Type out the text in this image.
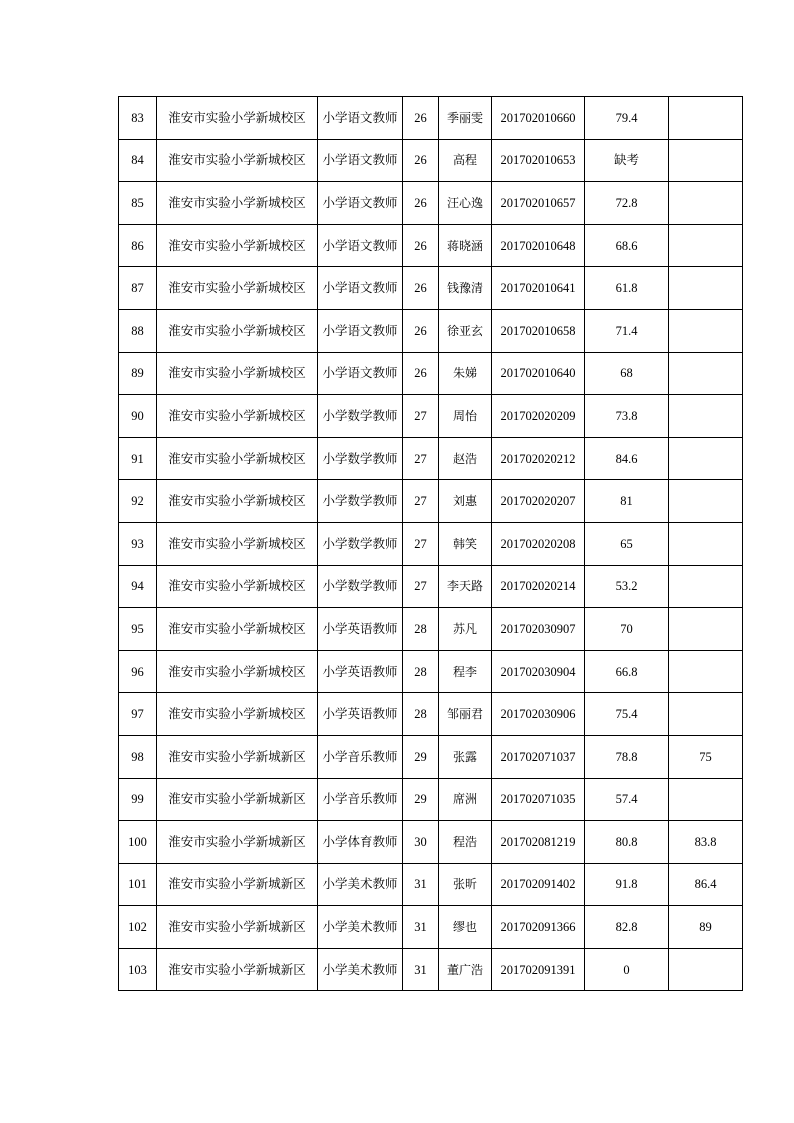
83	淮安市实验小学新城校区	小学语文教师	26	季丽雯	201702010660	79.4	
84	淮安市实验小学新城校区	小学语文教师	26	高程	201702010653	缺考	
85	淮安市实验小学新城校区	小学语文教师	26	汪心逸	201702010657	72.8	
86	淮安市实验小学新城校区	小学语文教师	26	蒋晓涵	201702010648	68.6	
87	淮安市实验小学新城校区	小学语文教师	26	钱豫清	201702010641	61.8	
88	淮安市实验小学新城校区	小学语文教师	26	徐亚玄	201702010658	71.4	
89	淮安市实验小学新城校区	小学语文教师	26	朱娣	201702010640	68	
90	淮安市实验小学新城校区	小学数学教师	27	周怡	201702020209	73.8	
91	淮安市实验小学新城校区	小学数学教师	27	赵浩	201702020212	84.6	
92	淮安市实验小学新城校区	小学数学教师	27	刘惠	201702020207	81	
93	淮安市实验小学新城校区	小学数学教师	27	韩笑	201702020208	65	
94	淮安市实验小学新城校区	小学数学教师	27	李天路	201702020214	53.2	
95	淮安市实验小学新城校区	小学英语教师	28	苏凡	201702030907	70	
96	淮安市实验小学新城校区	小学英语教师	28	程李	201702030904	66.8	
97	淮安市实验小学新城校区	小学英语教师	28	邹丽君	201702030906	75.4	
98	淮安市实验小学新城新区	小学音乐教师	29	张露	201702071037	78.8	75
99	淮安市实验小学新城新区	小学音乐教师	29	席洲	201702071035	57.4	
100	淮安市实验小学新城新区	小学体育教师	30	程浩	201702081219	80.8	83.8
101	淮安市实验小学新城新区	小学美术教师	31	张昕	201702091402	91.8	86.4
102	淮安市实验小学新城新区	小学美术教师	31	缪也	201702091366	82.8	89
103	淮安市实验小学新城新区	小学美术教师	31	董广浩	201702091391	0	
